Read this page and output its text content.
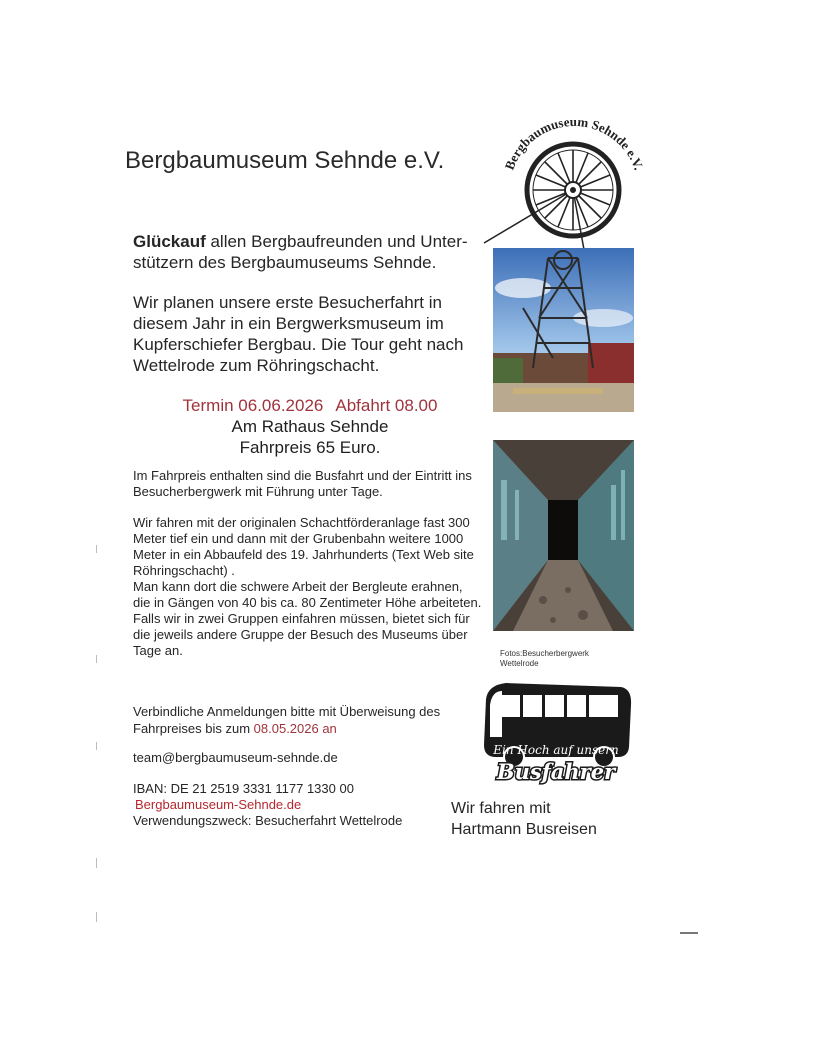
Bergbaumuseum Sehnde e.V.	Bergbaumuseum Sehnde e.V.
Glückauf allen Bergbaufreunden und Unter-stützern des Bergbaumuseums Sehnde.
Wir planen unsere erste Besucherfahrt in diesem Jahr in ein Bergwerksmuseum im Kupferschiefer Bergbau. Die Tour geht nach Wettelrode zum Röhringschacht.
Termin 06.06.2026 Abfahrt 08.00
Am Rathaus Sehnde
Fahrpreis 65 Euro.
Im Fahrpreis enthalten sind die Busfahrt und der Eintritt ins Besucherbergwerk mit Führung unter Tage.
Wir fahren mit der originalen Schachtförderanlage fast 300 Meter tief ein und dann mit der Grubenbahn weitere 1000 Meter in ein Abbaufeld des 19. Jahrhunderts (Text Web site Röhringschacht) .
Man kann dort die schwere Arbeit der Bergleute erahnen, die in Gängen von 40 bis ca. 80 Zentimeter Höhe arbeiteten.
Falls wir in zwei Gruppen einfahren müssen, bietet sich für die jeweils andere Gruppe der Besuch des Museums über Tage an.	Fotos:Besucherbergwerk
Wettelrode
Verbindliche Anmeldungen bitte mit Überweisung des Fahrpreises bis zum 08.05.2026 an
team@bergbaumuseum-sehnde.de
IBAN: DE 21 2519 3331 1177 1330 00
Bergbaumuseum-Sehnde.de
Verwendungszweck: Besucherfahrt Wettelrode
Ein Hoch auf unsern
Busfahrer
Wir fahren mit
Hartmann Busreisen
